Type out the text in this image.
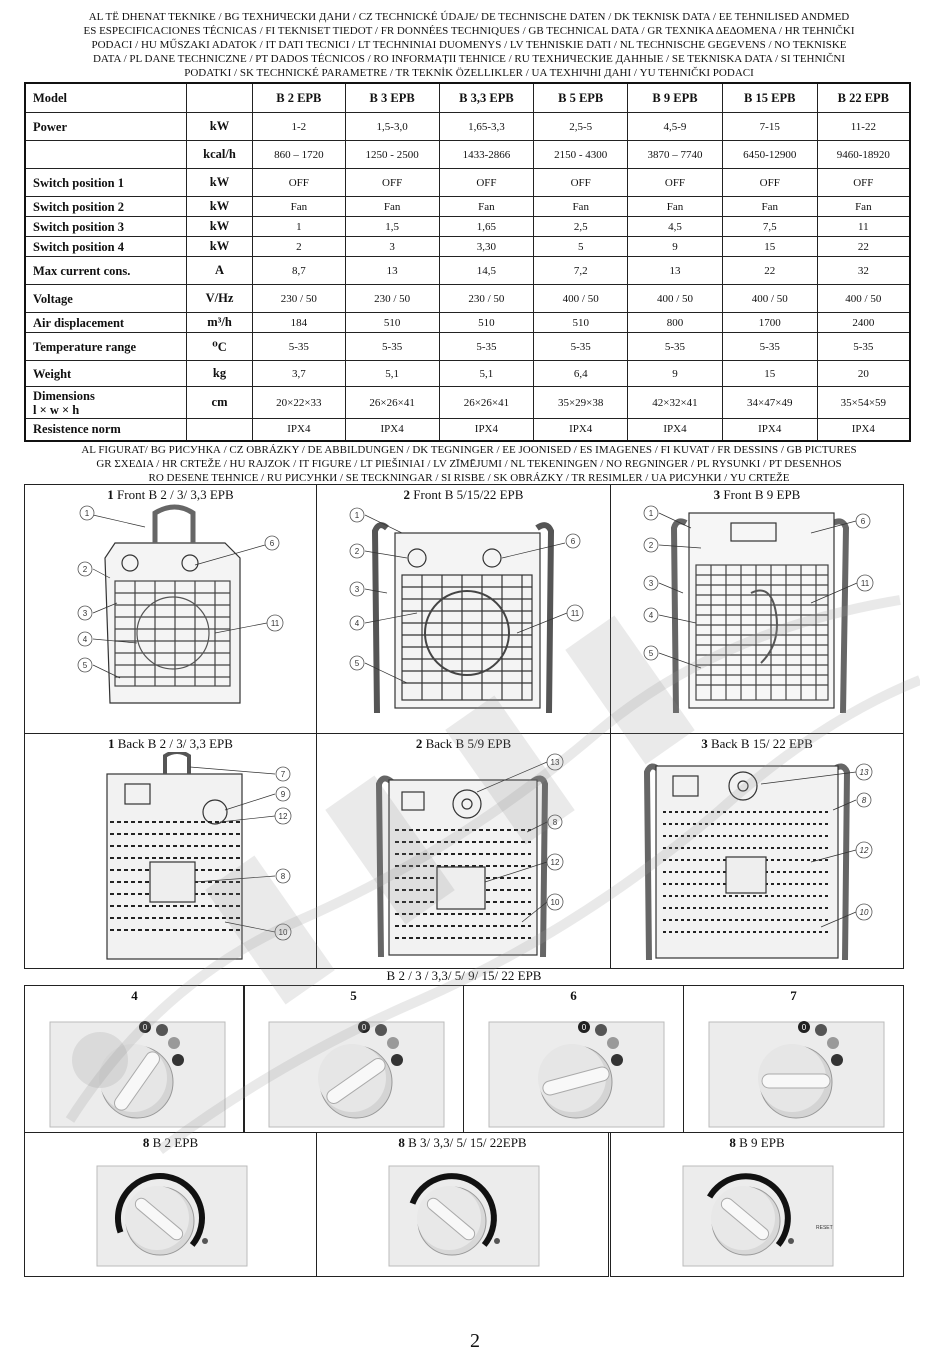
AL TË DHENAT TEKNIKE / BG ТЕХНИЧЕСКИ ДАНИ / CZ TECHNICKÉ ÚDAJE/ DE TECHNISCHE DATEN / DK TEKNISK DATA / EE TEHNILISED ANDMED
ES ESPECIFICACIONES TÉCNICAS / FI TEKNISET TIEDOT / FR DONNÉES TECHNIQUES / GB TECHNICAL DATA / GR ΤΕΧΝΙΚΑ ΔΕΔΟΜΕΝΑ / HR TEHNIČKI
PODACI / HU MŰSZAKI ADATOK / IT DATI TECNICI / LT TECHNINIAI DUOMENYS / LV TEHNISKIE DATI / NL TECHNISCHE GEGEVENS / NO TEKNISKE
DATA / PL DANE TECHNICZNE / PT DADOS TÉCNICOS / RO INFORMAȚII TEHNICE / RU ТЕХНИЧЕСКИЕ ДАННЫЕ / SE TEKNISKA DATA / SI TEHNIČNI
PODATKI / SK TECHNICKÉ PARAMETRE / TR TEKNİK ÖZELLIKLER / UA ТЕХНІЧНІ ДАНІ / YU TEHNIČKI PODACI
Model		B 2 EPB	B 3 EPB	B 3,3 EPB	B 5 EPB	B 9 EPB	B 15 EPB	B 22 EPB
Power	kW	1-2	1,5-3,0	1,65-3,3	2,5-5	4,5-9	7-15	11-22
	kcal/h	860 – 1720	1250 - 2500	1433-2866	2150 - 4300	3870 – 7740	6450-12900	9460-18920
Switch position 1	kW	OFF	OFF	OFF	OFF	OFF	OFF	OFF
Switch position 2	kW	Fan	Fan	Fan	Fan	Fan	Fan	Fan
Switch position 3	kW	1	1,5	1,65	2,5	4,5	7,5	11
Switch position 4	kW	2	3	3,30	5	9	15	22
Max current cons.	A	8,7	13	14,5	7,2	13	22	32
Voltage	V/Hz	230 / 50	230 / 50	230 / 50	400 / 50	400 / 50	400 / 50	400 / 50
Air displacement	m³/h	184	510	510	510	800	1700	2400
Temperature range	⁰C	5-35	5-35	5-35	5-35	5-35	5-35	5-35
Weight	kg	3,7	5,1	5,1	6,4	9	15	20
Dimensions
l × w × h	cm	20×22×33	26×26×41	26×26×41	35×29×38	42×32×41	34×47×49	35×54×59
Resistence norm		IPX4	IPX4	IPX4	IPX4	IPX4	IPX4	IPX4
AL FIGURAT/ BG РИСУНКА / CZ OBRÁZKY / DE ABBILDUNGEN / DK TEGNINGER / EE JOONISED / ES IMAGENES / FI KUVAT / FR DESSINS / GB PICTURES
GR ΣΧΕΔΙΑ / HR CRTEŽE / HU RAJZOK / IT FIGURE / LT PIEŠINIAI / LV ZĪMĒJUMI / NL TEKENINGEN / NO REGNINGER / PL RYSUNKI / PT DESENHOS
RO DESENE TEHNICE / RU РИСУНКИ / SE TECKNINGAR / SI RISBE / SK OBRÁZKY / TR RESIMLER / UA РИСУНКИ / YU CRTEŽE
1 Front B 2 / 3/ 3,3 EPB
1
2
3
4
5
6
11
2 Front B 5/15/22 EPB
1
2
3
4
5
6
11
3 Front B 9 EPB
1
2
3
4
5
6
11
1 Back B 2 / 3/ 3,3 EPB
7
9
12
8
10
2 Back B 5/9 EPB
13
8
12
10
3 Back B 15/ 22 EPB
13
8
12
10
B 2 / 3 / 3,3/ 5/ 9/ 15/ 22 EPB
4
0
5
0
6
0
7
0
8 B 2 EPB	8 B 3/ 3,3/ 5/ 15/ 22EPB	8 B 9 EPB
RESET
2
